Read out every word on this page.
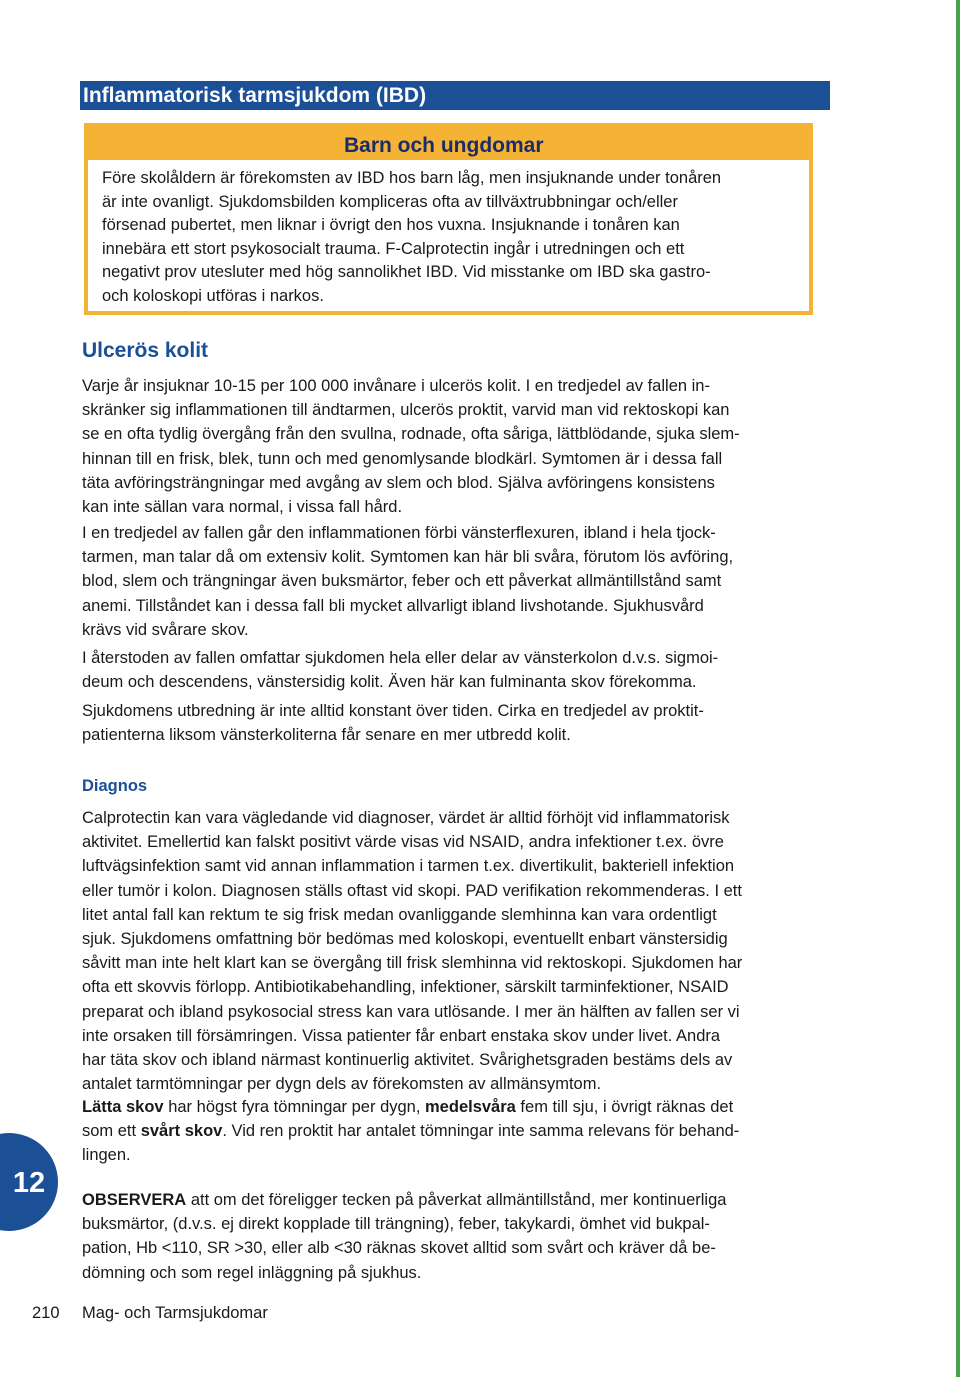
Inflammatorisk tarmsjukdom (IBD)
Barn och ungdomar
Före skolåldern är förekomsten av IBD hos barn låg, men insjuknande under tonåren
är inte ovanligt. Sjukdomsbilden kompliceras ofta av tillväxtrubbningar och/eller
försenad pubertet, men liknar i övrigt den hos vuxna. Insjuknande i tonåren kan
innebära ett stort psykosocialt trauma. F-Calprotectin ingår i utredningen och ett
negativt prov utesluter med hög sannolikhet IBD. Vid misstanke om IBD ska gastro-
och koloskopi utföras i narkos.
Ulcerös kolit
Varje år insjuknar 10-15 per 100 000 invånare i ulcerös kolit. I en tredjedel av fallen in-
skränker sig inflammationen till ändtarmen, ulcerös proktit, varvid man vid rektoskopi kan
se en ofta tydlig övergång från den svullna, rodnade, ofta såriga, lättblödande, sjuka slem-
hinnan till en frisk, blek, tunn och med genomlysande blodkärl. Symtomen är i dessa fall
täta avföringsträngningar med avgång av slem och blod. Själva avföringens konsistens
kan inte sällan vara normal, i vissa fall hård.
I en tredjedel av fallen går den inflammationen förbi vänsterflexuren, ibland i hela tjock-
tarmen, man talar då om extensiv kolit. Symtomen kan här bli svåra, förutom lös avföring,
blod, slem och trängningar även buksmärtor, feber och ett påverkat allmäntillstånd samt
anemi. Tillståndet kan i dessa fall bli mycket allvarligt ibland livshotande. Sjukhusvård
krävs vid svårare skov.
I återstoden av fallen omfattar sjukdomen hela eller delar av vänsterkolon d.v.s. sigmoi-
deum och descendens, vänstersidig kolit. Även här kan fulminanta skov förekomma.
Sjukdomens utbredning är inte alltid konstant över tiden. Cirka en tredjedel av proktit-
patienterna liksom vänsterkoliterna får senare en mer utbredd kolit.
Diagnos
Calprotectin kan vara vägledande vid diagnoser, värdet är alltid förhöjt vid inflammatorisk
aktivitet. Emellertid kan falskt positivt värde visas vid NSAID, andra infektioner t.ex. övre
luftvägsinfektion samt vid annan inflammation i tarmen t.ex. divertikulit, bakteriell infektion
eller tumör i kolon. Diagnosen ställs oftast vid skopi. PAD verifikation rekommenderas. I ett
litet antal fall kan rektum te sig frisk medan ovanliggande slemhinna kan vara ordentligt
sjuk. Sjukdomens omfattning bör bedömas med koloskopi, eventuellt enbart vänstersidig
såvitt man inte helt klart kan se övergång till frisk slemhinna vid rektoskopi. Sjukdomen har
ofta ett skovvis förlopp. Antibiotikabehandling, infektioner, särskilt tarminfektioner, NSAID
preparat och ibland psykosocial stress kan vara utlösande. I mer än hälften av fallen ser vi
inte orsaken till försämringen. Vissa patienter får enbart enstaka skov under livet. Andra
har täta skov och ibland närmast kontinuerlig aktivitet. Svårighetsgraden bestäms dels av
antalet tarmtömningar per dygn dels av förekomsten av allmänsymtom.
Lätta skov har högst fyra tömningar per dygn, medelsvåra fem till sju, i övrigt räknas det
som ett svårt skov. Vid ren proktit har antalet tömningar inte samma relevans för behand-
lingen.
OBSERVERA att om det föreligger tecken på påverkat allmäntillstånd, mer kontinuerliga
buksmärtor, (d.v.s. ej direkt kopplade till trängning), feber, takykardi, ömhet vid bukpal-
pation, Hb <110, SR >30, eller alb <30 räknas skovet alltid som svårt och kräver då be-
dömning och som regel inläggning på sjukhus.
12
210 Mag- och Tarmsjukdomar
